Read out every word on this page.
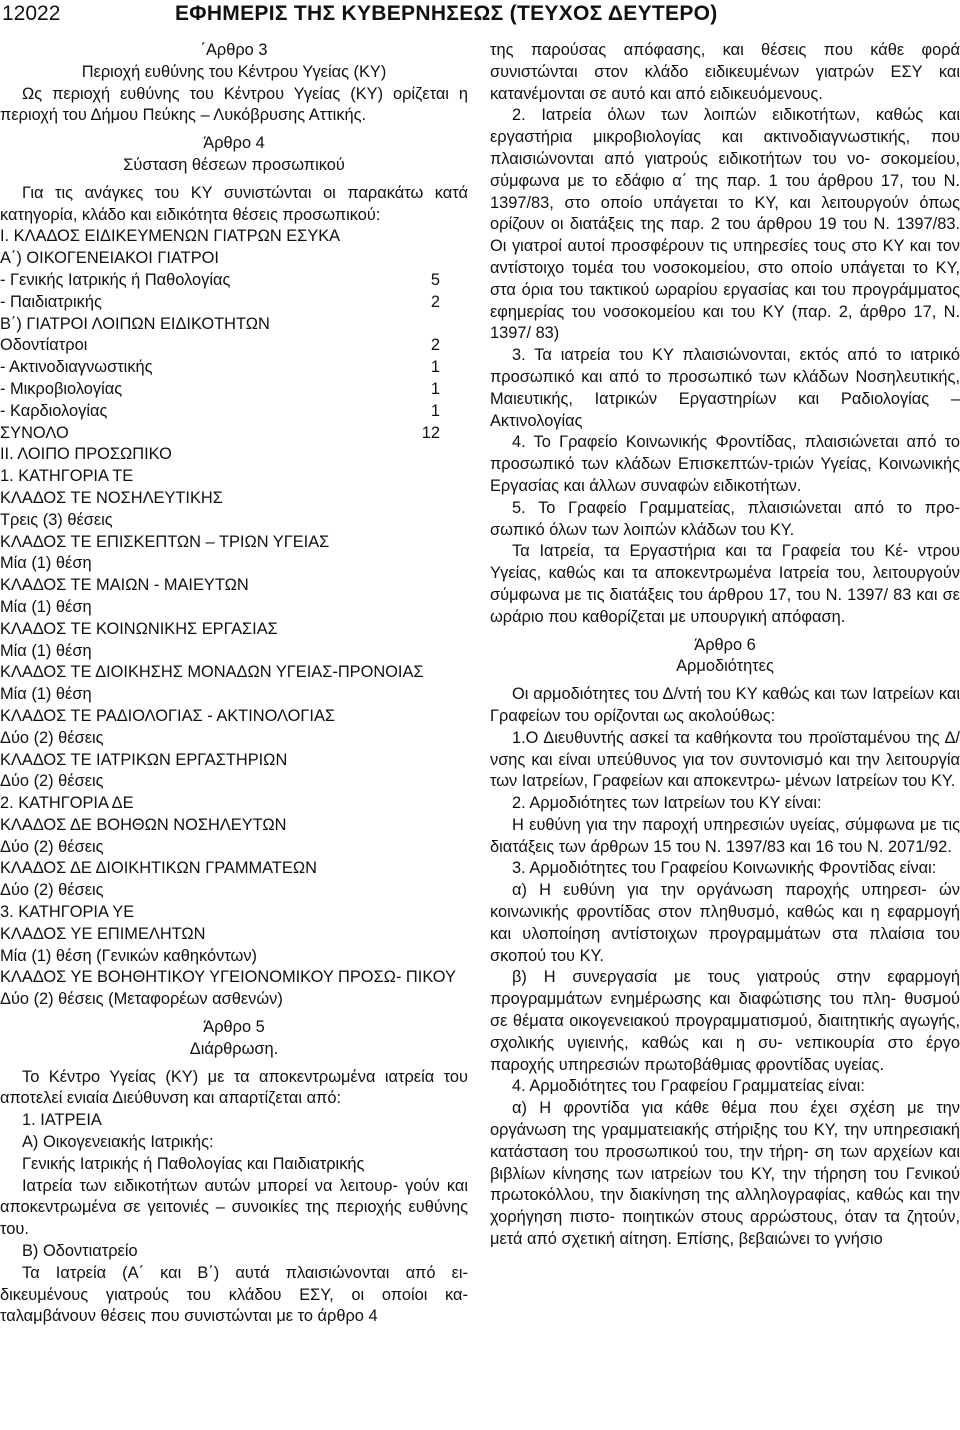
12022	ΕΦΗΜΕΡΙΣ ΤΗΣ ΚΥΒΕΡΝΗΣΕΩΣ (ΤΕΥΧΟΣ ΔΕΥΤΕΡΟ)

΄Αρθρο 3

Περιοχή ευθύνης του Κέντρου Υγείας (ΚΥ)

Ως περιοχή ευθύνης του Κέντρου Υγείας (ΚΥ) ορίζεται η περιοχή του Δήμου Πεύκης – Λυκόβρυσης Αττικής.

Άρθρο 4

Σύσταση θέσεων προσωπικού

Για τις ανάγκες του ΚΥ συνιστώνται οι παρακάτω κατά κατηγορία, κλάδο και ειδικότητα θέσεις προσωπικού:

Ι. ΚΛΑΔΟΣ ΕΙΔΙΚΕΥΜΕΝΩΝ ΓΙΑΤΡΩΝ ΕΣΥΚΑ

Α΄) ΟΙΚΟΓΕΝΕΙΑΚΟΙ ΓΙΑΤΡΟΙ

- Γενικής Ιατρικής ή Παθολογίας	5
- Παιδιατρικής	2

Β΄) ΓΙΑΤΡΟΙ ΛΟΙΠΩΝ ΕΙΔΙΚΟΤΗΤΩΝ

Οδοντίατροι	2
- Ακτινοδιαγνωστικής	1
- Μικροβιολογίας	1
- Καρδιολογίας	1
ΣΥΝΟΛΟ	12

ΙΙ. ΛΟΙΠΟ ΠΡΟΣΩΠΙΚΟ

1. ΚΑΤΗΓΟΡΙΑ ΤΕ

ΚΛΑΔΟΣ ΤΕ ΝΟΣΗΛΕΥΤΙΚΗΣ

Τρεις (3) θέσεις

ΚΛΑΔΟΣ ΤΕ ΕΠΙΣΚΕΠΤΩΝ – ΤΡΙΩΝ ΥΓΕΙΑΣ

Μία (1) θέση

ΚΛΑΔΟΣ ΤΕ ΜΑΙΩΝ - ΜΑΙΕΥΤΩΝ

Μία (1) θέση

ΚΛΑΔΟΣ ΤΕ ΚΟΙΝΩΝΙΚΗΣ ΕΡΓΑΣΙΑΣ

Μία (1) θέση

ΚΛΑΔΟΣ ΤΕ ΔΙΟΙΚΗΣΗΣ ΜΟΝΑΔΩΝ ΥΓΕΙΑΣ-ΠΡΟΝΟΙΑΣ

Μία (1) θέση

ΚΛΑΔΟΣ ΤΕ ΡΑΔΙΟΛΟΓΙΑΣ - ΑΚΤΙΝΟΛΟΓΙΑΣ

Δύο (2) θέσεις

ΚΛΑΔΟΣ ΤΕ ΙΑΤΡΙΚΩΝ ΕΡΓΑΣΤΗΡΙΩΝ

Δύο (2) θέσεις

2. ΚΑΤΗΓΟΡΙΑ ΔΕ

ΚΛΑΔΟΣ ΔΕ ΒΟΗΘΩΝ ΝΟΣΗΛΕΥΤΩΝ

Δύο (2) θέσεις

ΚΛΑΔΟΣ ΔΕ ΔΙΟΙΚΗΤΙΚΩΝ ΓΡΑΜΜΑΤΕΩΝ

Δύο (2) θέσεις

3. ΚΑΤΗΓΟΡΙΑ ΥΕ

ΚΛΑΔΟΣ ΥΕ ΕΠΙΜΕΛΗΤΩΝ

Μία (1) θέση (Γενικών καθηκόντων)

ΚΛΑΔΟΣ ΥΕ ΒΟΗΘΗΤΙΚΟΥ ΥΓΕΙΟΝΟΜΙΚΟΥ ΠΡΟΣΩ- ΠΙΚΟΥ

Δύο (2) θέσεις (Μεταφορέων ασθενών)

Άρθρο 5

Διάρθρωση.

Το Κέντρο Υγείας (ΚΥ) με τα αποκεντρωμένα ιατρεία του αποτελεί ενιαία Διεύθυνση και απαρτίζεται από:

1. ΙΑΤΡΕΙΑ

Α) Οικογενειακής Ιατρικής:

Γενικής Ιατρικής ή Παθολογίας και Παιδιατρικής

Ιατρεία των ειδικοτήτων αυτών μπορεί να λειτουρ- γούν και αποκεντρωμένα σε γειτονιές – συνοικίες της περιοχής ευθύνης του.

Β) Οδοντιατρείο

Τα Ιατρεία (Α΄ και Β΄) αυτά πλαισιώνονται από ει- δικευμένους γιατρούς του κλάδου ΕΣΥ, οι οποίοι κα- ταλαμβάνουν θέσεις που συνιστώνται με το άρθρο 4

της παρούσας απόφασης, και θέσεις που κάθε φορά συνιστώνται στον κλάδο ειδικευμένων γιατρών ΕΣΥ και κατανέμονται σε αυτό και από ειδικευόμενους.

2. Ιατρεία όλων των λοιπών ειδικοτήτων, καθώς και εργαστήρια μικροβιολογίας και ακτινοδιαγνωστικής, που πλαισιώνονται από γιατρούς ειδικοτήτων του νο- σοκομείου, σύμφωνα με το εδάφιο α΄ της παρ. 1 του άρθρου 17, του Ν. 1397/83, στο οποίο υπάγεται το ΚΥ, και λειτουργούν όπως ορίζουν οι διατάξεις της παρ. 2 του άρθρου 19 του Ν. 1397/83. Οι γιατροί αυτοί προσφέρουν τις υπηρεσίες τους στο ΚΥ και τον αντίστοιχο τομέα του νοσοκομείου, στο οποίο υπάγεται το ΚΥ, στα όρια του τακτικού ωραρίου εργασίας και του προγράμματος εφημερίας του νοσοκομείου και του ΚΥ (παρ. 2, άρθρο 17, Ν. 1397/ 83)

3. Τα ιατρεία του ΚΥ πλαισιώνονται, εκτός από το ιατρικό προσωπικό και από το προσωπικό των κλάδων Νοσηλευτικής, Μαιευτικής, Ιατρικών Εργαστηρίων και Ραδιολογίας – Ακτινολογίας

4. Το Γραφείο Κοινωνικής Φροντίδας, πλαισιώνεται από το προσωπικό των κλάδων Επισκεπτών-τριών Υγείας, Κοινωνικής Εργασίας και άλλων συναφών ειδικοτήτων.

5. Το Γραφείο Γραμματείας, πλαισιώνεται από το προ- σωπικό όλων των λοιπών κλάδων του ΚΥ.

Τα Ιατρεία, τα Εργαστήρια και τα Γραφεία του Κέ- ντρου Υγείας, καθώς και τα αποκεντρωμένα Ιατρεία του, λειτουργούν σύμφωνα με τις διατάξεις του άρθρου 17, του Ν. 1397/ 83 και σε ωράριο που καθορίζεται με υπουργική απόφαση.

Άρθρο 6

Αρμοδιότητες

Οι αρμοδιότητες του Δ/ντή του ΚΥ καθώς και των Ιατρείων και Γραφείων του ορίζονται ως ακολούθως:

1.Ο Διευθυντής ασκεί τα καθήκοντα του προϊσταμένου της Δ/νσης και είναι υπεύθυνος για τον συντονισμό και την λειτουργία των Ιατρείων, Γραφείων και αποκεντρω- μένων Ιατρείων του ΚΥ.

2. Αρμοδιότητες των Ιατρείων του ΚΥ είναι:

Η ευθύνη για την παροχή υπηρεσιών υγείας, σύμφωνα με τις διατάξεις των άρθρων 15 του Ν. 1397/83 και 16 του Ν. 2071/92.

3. Αρμοδιότητες του Γραφείου Κοινωνικής Φροντίδας είναι:

α) Η ευθύνη για την οργάνωση παροχής υπηρεσι- ών κοινωνικής φροντίδας στον πληθυσμό, καθώς και η εφαρμογή και υλοποίηση αντίστοιχων προγραμμάτων στα πλαίσια του σκοπού του ΚΥ.

β) Η συνεργασία με τους γιατρούς στην εφαρμογή προγραμμάτων ενημέρωσης και διαφώτισης του πλη- θυσμού σε θέματα οικογενειακού προγραμματισμού, διαιτητικής αγωγής, σχολικής υγιεινής, καθώς και η συ- νεπικουρία στο έργο παροχής υπηρεσιών πρωτοβάθμιας φροντίδας υγείας.

4. Αρμοδιότητες του Γραφείου Γραμματείας είναι:

α) Η φροντίδα για κάθε θέμα που έχει σχέση με την οργάνωση της γραμματειακής στήριξης του ΚΥ, την υπηρεσιακή κατάσταση του προσωπικού του, την τήρη- ση των αρχείων και βιβλίων κίνησης των ιατρείων του ΚΥ, την τήρηση του Γενικού πρωτοκόλλου, την διακίνηση της αλληλογραφίας, καθώς και την χορήγηση πιστο- ποιητικών στους αρρώστους, όταν τα ζητούν, μετά από σχετική αίτηση. Επίσης, βεβαιώνει το γνήσιο
